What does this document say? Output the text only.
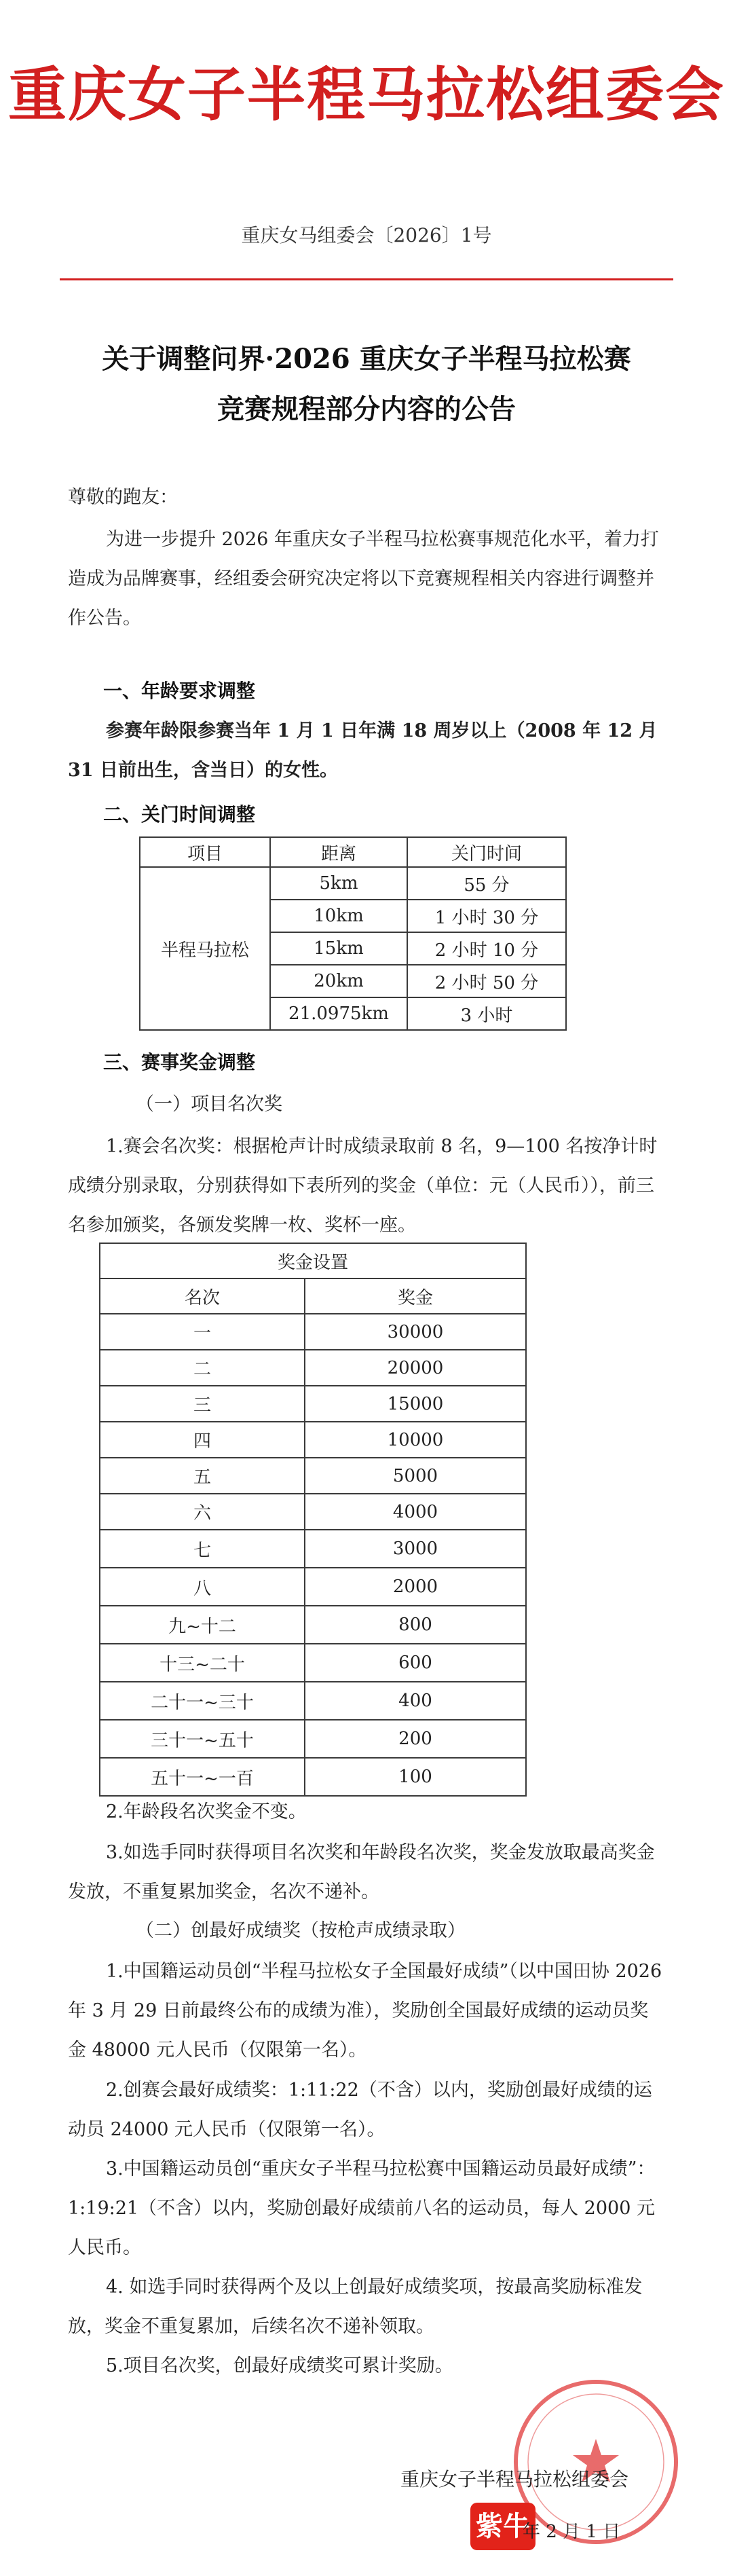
重庆女子半程马拉松组委会
重庆女马组委会〔2026〕1号
关于调整问界·2026 重庆女子半程马拉松赛
竞赛规程部分内容的公告
尊敬的跑友：
为进一步提升 2026 年重庆女子半程马拉松赛事规范化水平，着力打造成为品牌赛事，经组委会研究决定将以下竞赛规程相关内容进行调整并作公告。
一、年龄要求调整
参赛年龄限参赛当年 1 月 1 日年满 18 周岁以上（2008 年 12 月 31 日前出生，含当日）的女性。
二、关门时间调整
项目	距离	关门时间
半程马拉松	5km	55 分
	10km	1 小时 30 分
	15km	2 小时 10 分
	20km	2 小时 50 分
	21.0975km	3 小时
三、赛事奖金调整
（一）项目名次奖
1.赛会名次奖：根据枪声计时成绩录取前 8 名，9—100 名按净计时成绩分别录取，分别获得如下表所列的奖金（单位：元（人民币）），前三名参加颁奖，各颁发奖牌一枚、奖杯一座。
奖金设置	
名次	奖金
一	30000
二	20000
三	15000
四	10000
五	5000
六	4000
七	3000
八	2000
九~十二	800
十三~二十	600
二十一~三十	400
三十一~五十	200
五十一~一百	100
2.年龄段名次奖金不变。
3.如选手同时获得项目名次奖和年龄段名次奖，奖金发放取最高奖金发放，不重复累加奖金，名次不递补。
（二）创最好成绩奖（按枪声成绩录取）
1.中国籍运动员创“半程马拉松女子全国最好成绩”（以中国田协 2026 年 3 月 29 日前最终公布的成绩为准），奖励创全国最好成绩的运动员奖金 48000 元人民币（仅限第一名）。
2.创赛会最好成绩奖：1:11:22（不含）以内，奖励创最好成绩的运动员 24000 元人民币（仅限第一名）。
3.中国籍运动员创“重庆女子半程马拉松赛中国籍运动员最好成绩”：1:19:21（不含）以内，奖励创最好成绩前八名的运动员，每人 2000 元人民币。
4. 如选手同时获得两个及以上创最好成绩奖项，按最高奖励标准发放，奖金不重复累加，后续名次不递补领取。
5.项目名次奖，创最好成绩奖可累计奖励。
重庆女子半程马拉松组委会
紫牛
年 2 月 1 日
